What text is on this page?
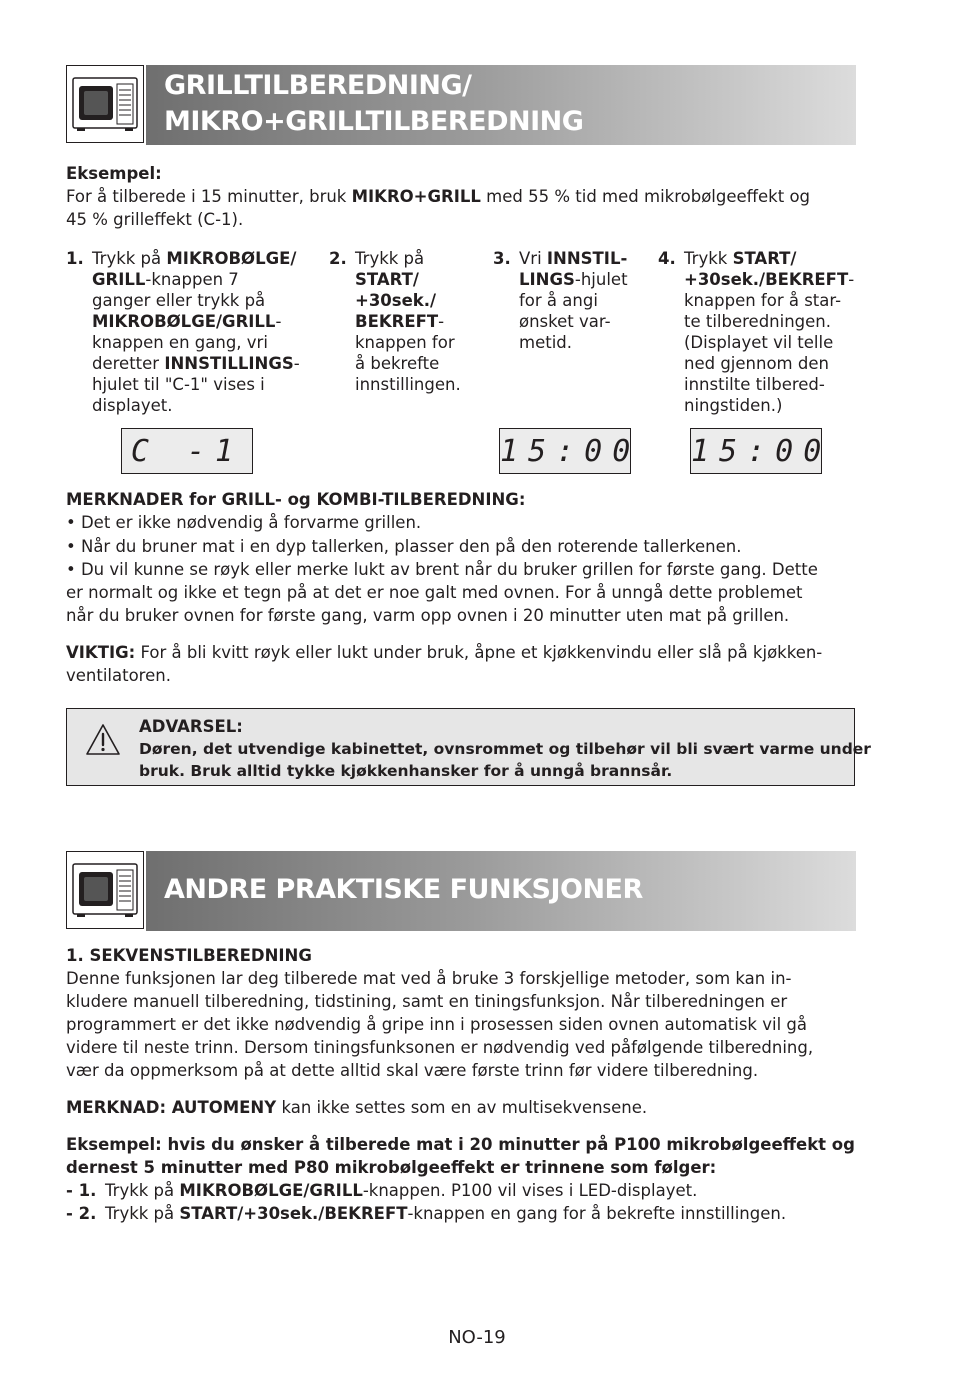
GRILLTILBEREDNING/
MIKRO+GRILLTILBEREDNING
Eksempel:
For å tilberede i 15 minutter, bruk MIKRO+GRILL med 55 % tid med mikrobølgeeffekt og
45 % grilleffekt (C-1).
1. Trykk på MIKROBØLGE/
GRILL-knappen 7
ganger eller trykk på
MIKROBØLGE/GRILL-
knappen en gang, vri
deretter INNSTILLINGS-
hjulet til "C-1" vises i
displayet.
2. Trykk på
START/
+30sek./
BEKREFT-
knappen for
å bekrefte
innstillingen.
3. Vri INNSTIL-
LINGS-hjulet
for å angi
ønsket var-
metid.
4. Trykk START/
+30sek./BEKREFT-
knappen for å star-
te tilberedningen.
(Displayet vil telle
ned gjennom den
innstilte tilbered-
ningstiden.)
C -1	15:00 15:00
MERKNADER for GRILL- og KOMBI-TILBEREDNING:
• Det er ikke nødvendig å forvarme grillen.
• Når du bruner mat i en dyp tallerken, plasser den på den roterende tallerkenen.
• Du vil kunne se røyk eller merke lukt av brent når du bruker grillen for første gang. Dette
er normalt og ikke et tegn på at det er noe galt med ovnen. For å unngå dette problemet
når du bruker ovnen for første gang, varm opp ovnen i 20 minutter uten mat på grillen.
VIKTIG: For å bli kvitt røyk eller lukt under bruk, åpne et kjøkkenvindu eller slå på kjøkken-
ventilatoren.
ADVARSEL:
Døren, det utvendige kabinettet, ovnsrommet og tilbehør vil bli svært varme under
bruk. Bruk alltid tykke kjøkkenhansker for å unngå brannsår.
ANDRE PRAKTISKE FUNKSJONER
1. SEKVENSTILBEREDNING
Denne funksjonen lar deg tilberede mat ved å bruke 3 forskjellige metoder, som kan in-
kludere manuell tilberedning, tidstining, samt en tiningsfunksjon. Når tilberedningen er
programmert er det ikke nødvendig å gripe inn i prosessen siden ovnen automatisk vil gå
videre til neste trinn. Dersom tiningsfunksonen er nødvendig ved påfølgende tilberedning,
vær da oppmerksom på at dette alltid skal være første trinn før videre tilberedning.
MERKNAD: AUTOMENY kan ikke settes som en av multisekvensene.
Eksempel: hvis du ønsker å tilberede mat i 20 minutter på P100 mikrobølgeeffekt og
dernest 5 minutter med P80 mikrobølgeeffekt er trinnene som følger:
- 1. Trykk på MIKROBØLGE/GRILL-knappen. P100 vil vises i LED-displayet.
- 2. Trykk på START/+30sek./BEKREFT-knappen en gang for å bekrefte innstillingen.
NO-19
